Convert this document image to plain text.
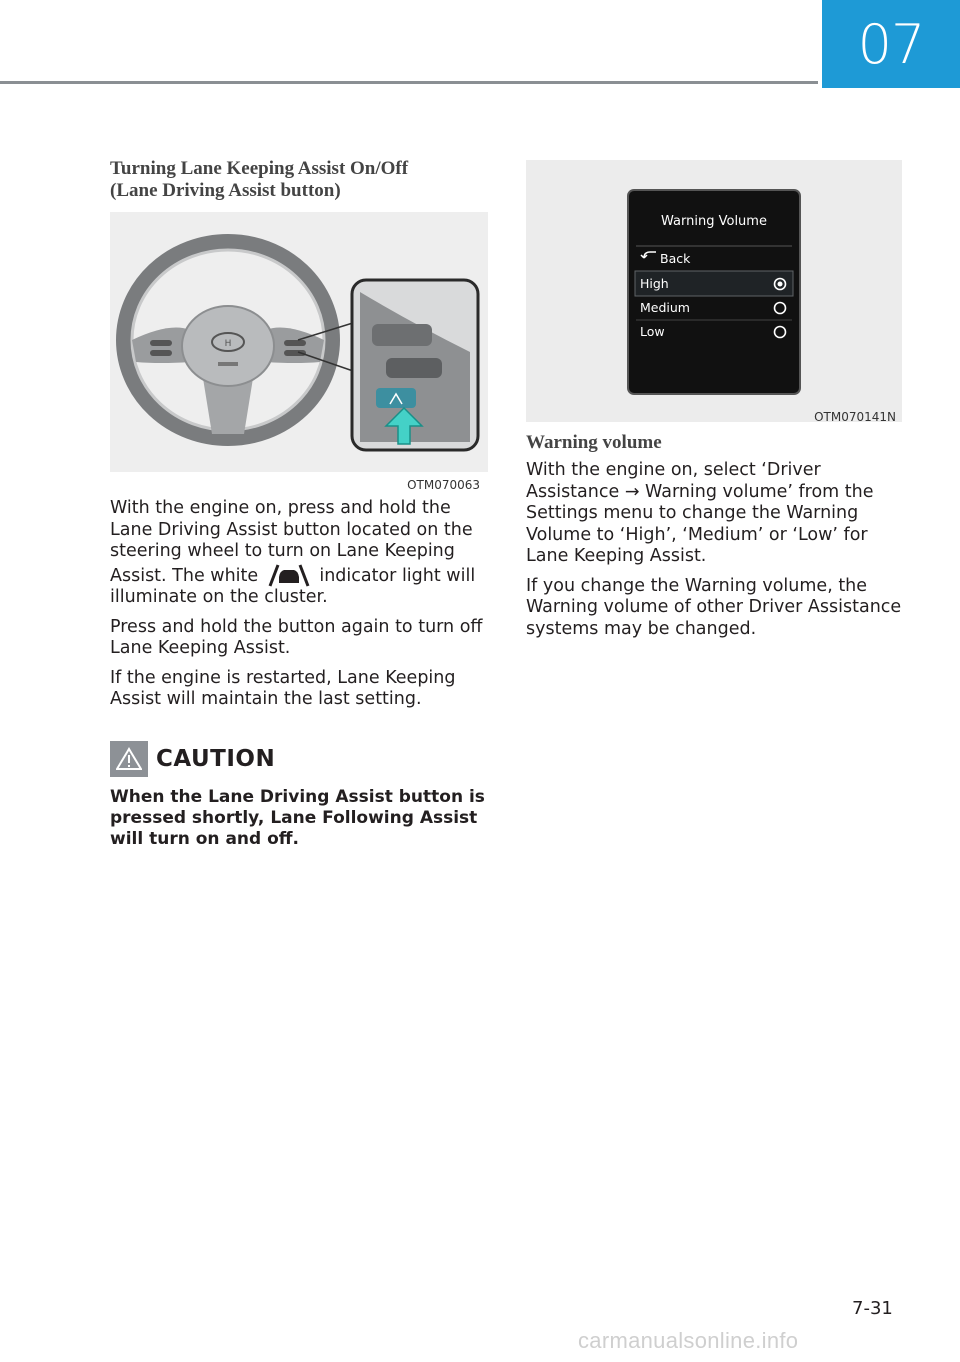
07
Turning Lane Keeping Assist On/Off
(Lane Driving Assist button)
H
OTM070063

With the engine on, press and hold the Lane Driving Assist button located on the steering wheel to turn on Lane Keeping Assist. The white	indicator light will illuminate on the cluster.

Press and hold the button again to turn off Lane Keeping Assist.

If the engine is restarted, Lane Keeping Assist will maintain the last setting.

CAUTION
When the Lane Driving Assist button is pressed shortly, Lane Following Assist will turn on and off.
Warning Volume
Back
High
Medium
Low
OTM070141N
Warning volume

With the engine on, select ‘Driver Assistance → Warning volume’ from the Settings menu to change the Warning Volume to ‘High’, ‘Medium’ or ‘Low’ for Lane Keeping Assist.

If you change the Warning volume, the Warning volume of other Driver Assistance systems may be changed.

7-31
carmanualsonline.info
